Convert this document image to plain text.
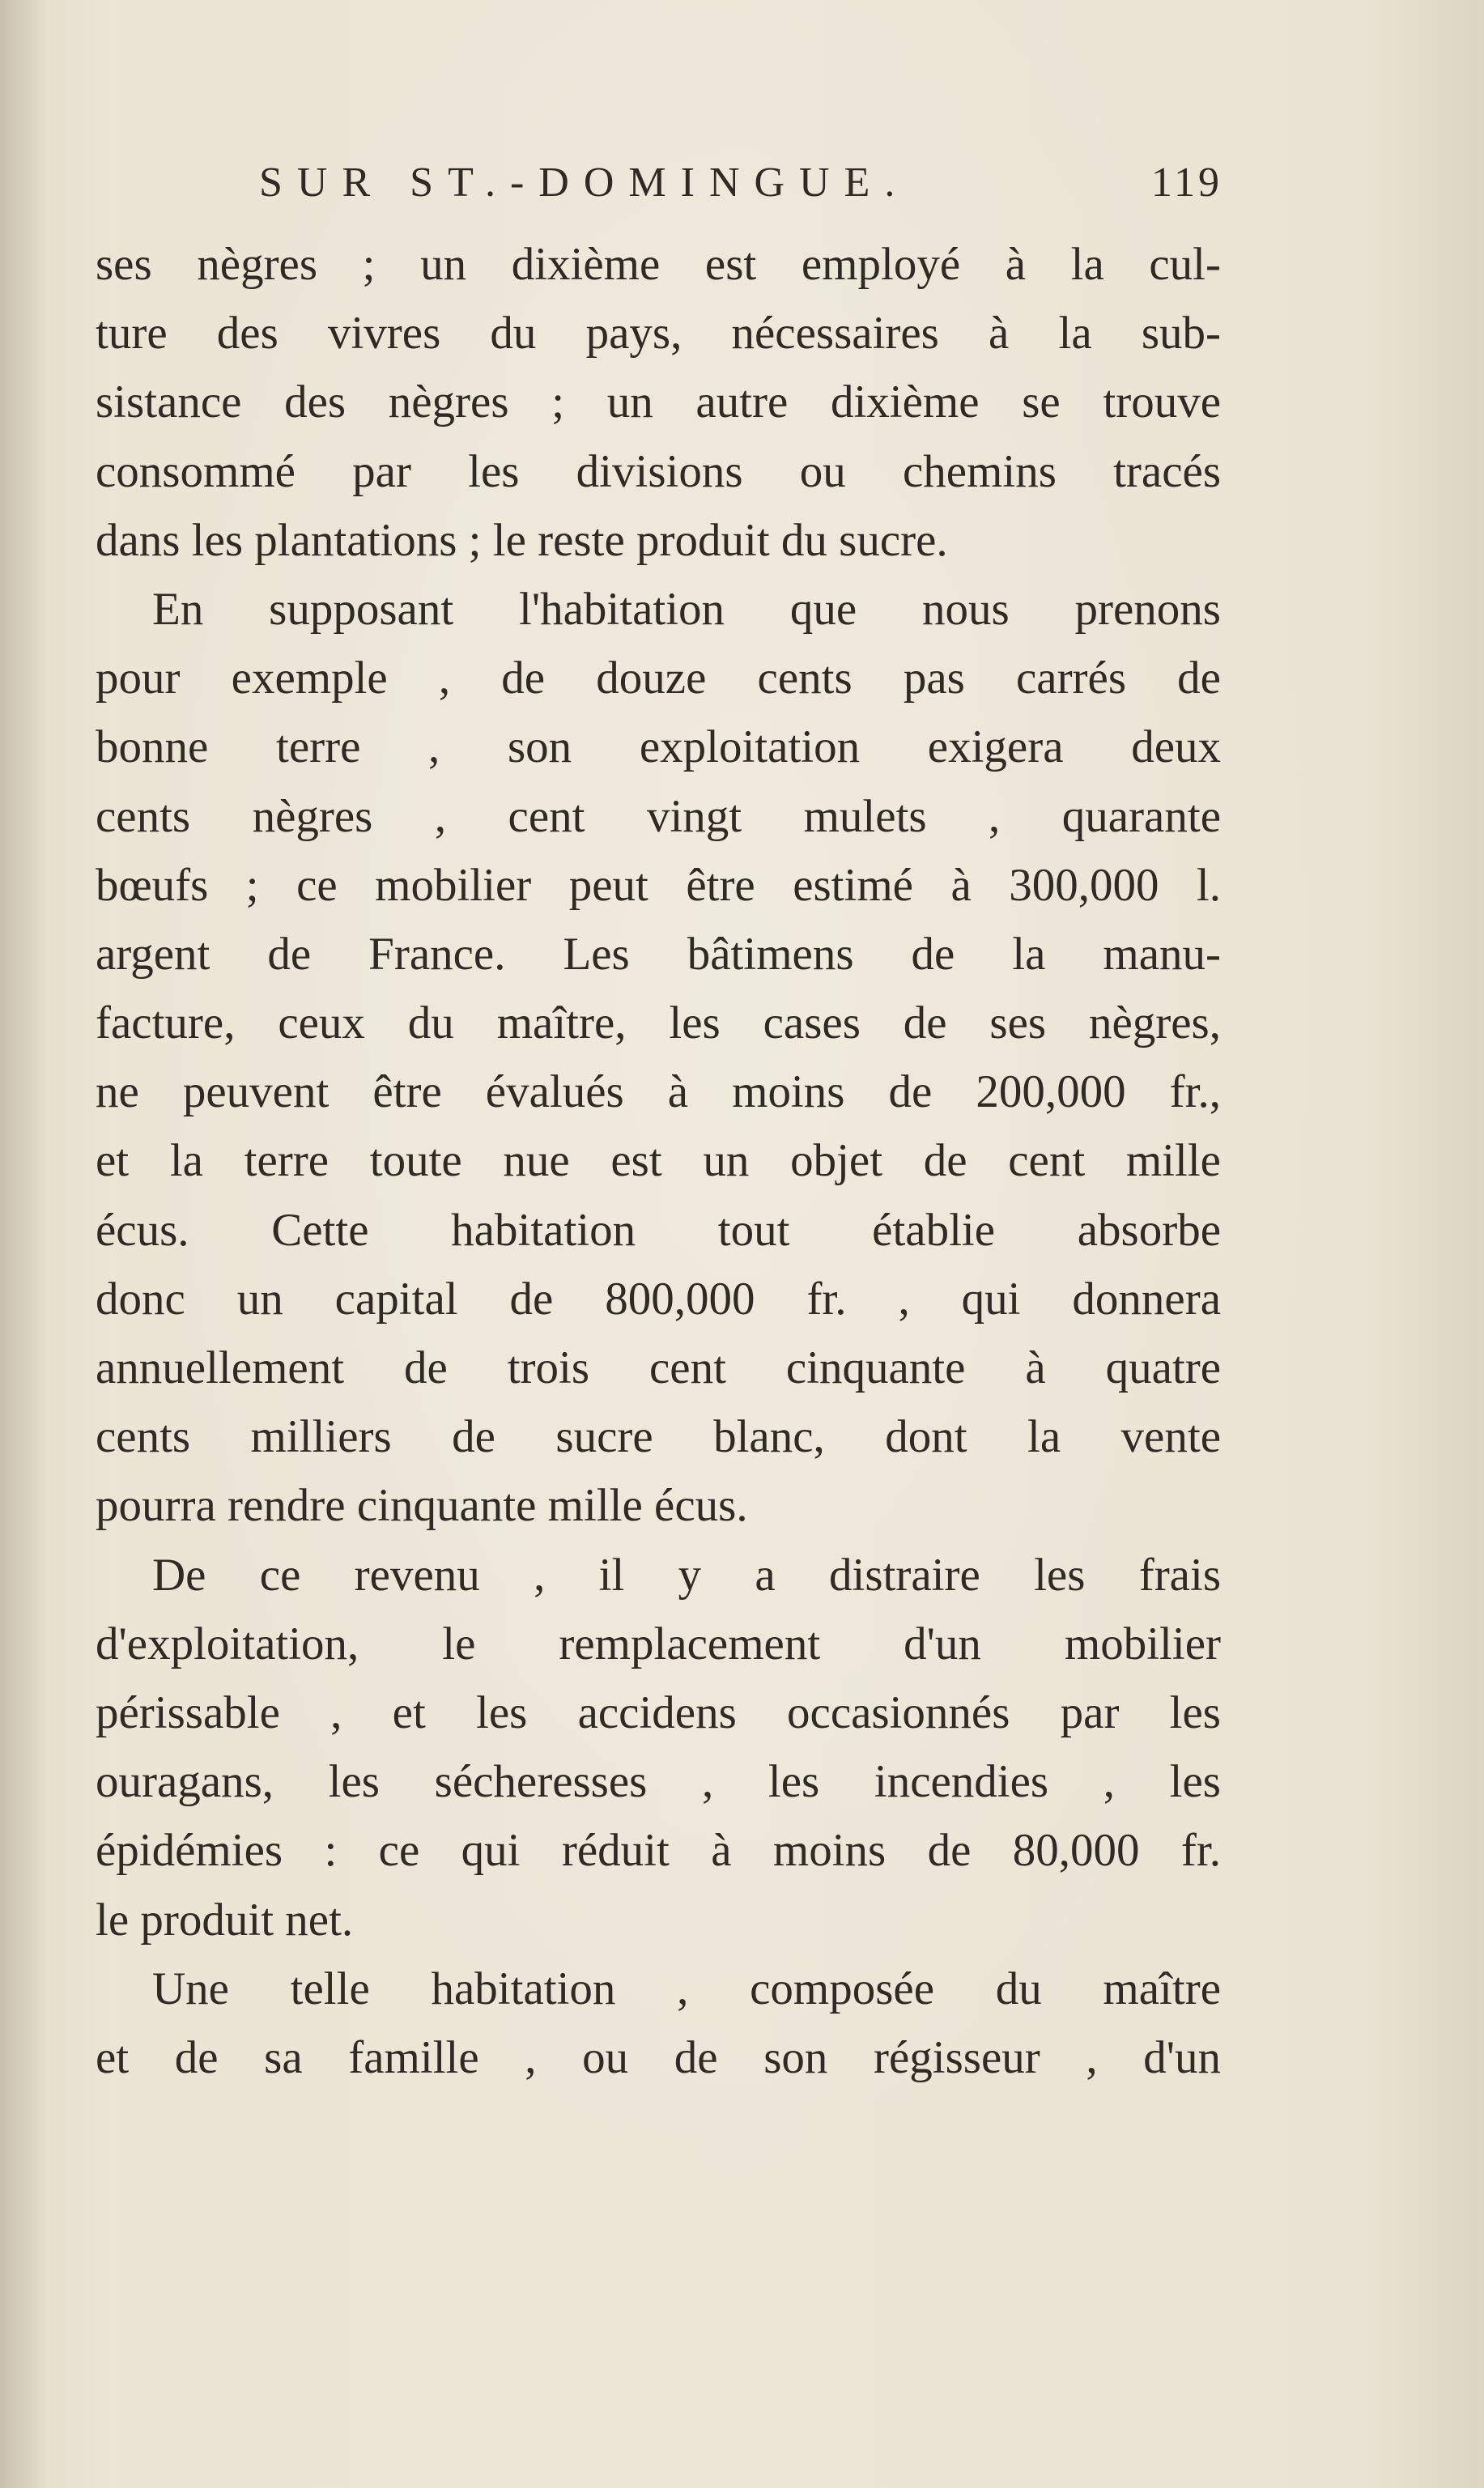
SUR ST.-DOMINGUE.	119
ses nègres ; un dixième est employé à la cul-
ture des vivres du pays, nécessaires à la sub-
sistance des nègres ; un autre dixième se trouve
consommé par les divisions ou chemins tracés
dans les plantations ; le reste produit du sucre.
En supposant l'habitation que nous prenons
pour exemple , de douze cents pas carrés de
bonne terre , son exploitation exigera deux
cents nègres , cent vingt mulets , quarante
bœufs ; ce mobilier peut être estimé à 300,000 l.
argent de France. Les bâtimens de la manu-
facture, ceux du maître, les cases de ses nègres,
ne peuvent être évalués à moins de 200,000 fr.,
et la terre toute nue est un objet de cent mille
écus. Cette habitation tout établie absorbe
donc un capital de 800,000 fr. , qui donnera
annuellement de trois cent cinquante à quatre
cents milliers de sucre blanc, dont la vente
pourra rendre cinquante mille écus.
De ce revenu , il y a distraire les frais
d'exploitation, le remplacement d'un mobilier
périssable , et les accidens occasionnés par les
ouragans, les sécheresses , les incendies , les
épidémies : ce qui réduit à moins de 80,000 fr.
le produit net.
Une telle habitation , composée du maître
et de sa famille , ou de son régisseur , d'un
